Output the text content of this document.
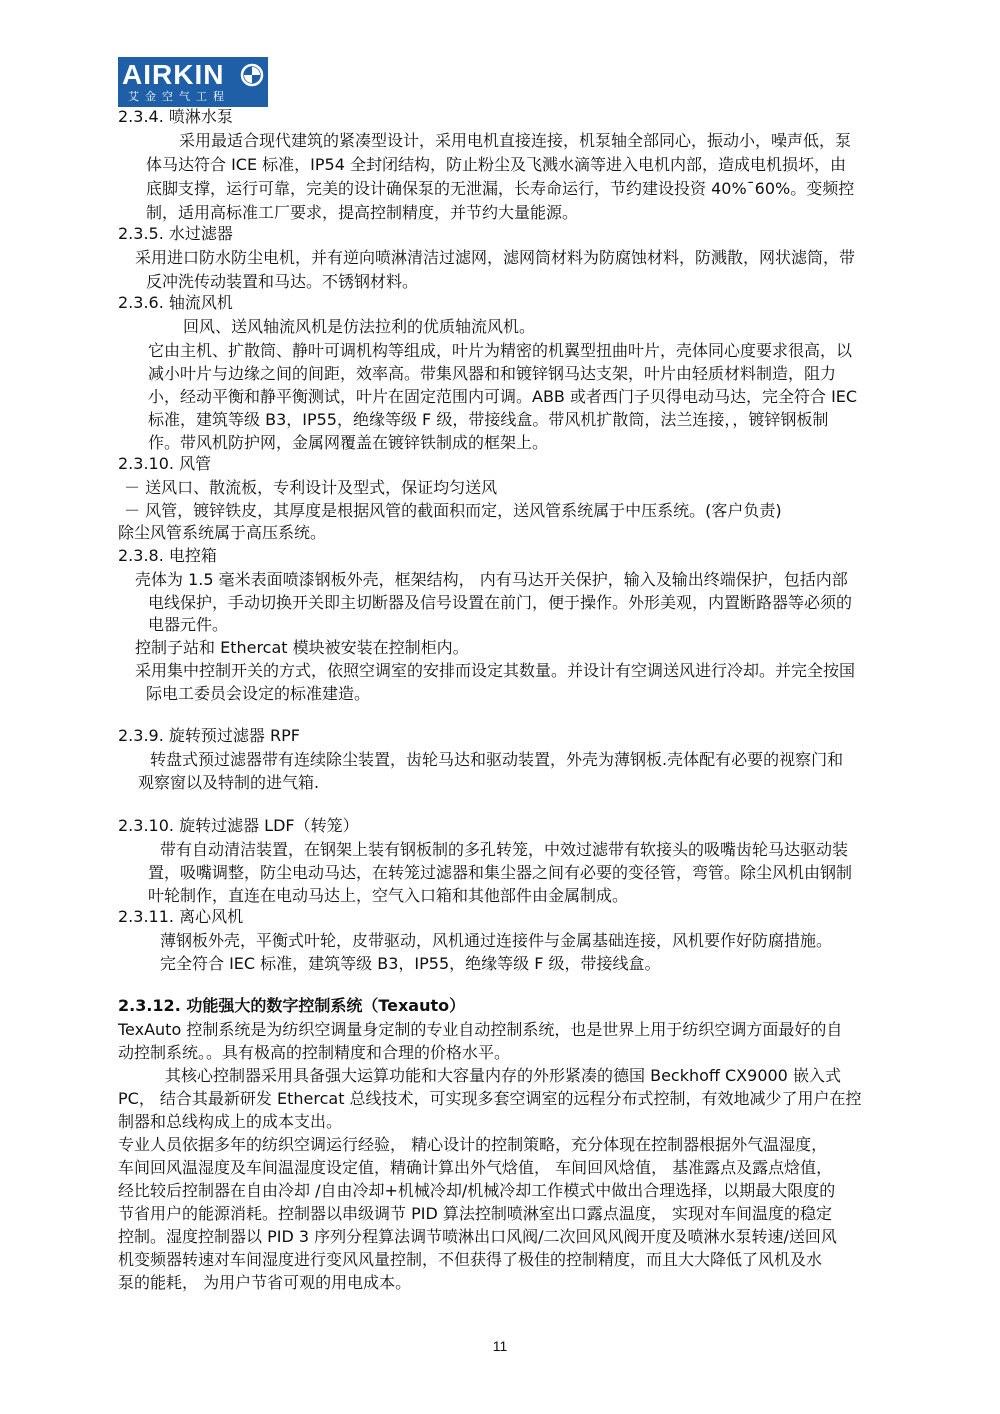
AIRKIN
艾金空气工程
2.3.4. 喷淋水泵
采用最适合现代建筑的紧凑型设计，采用电机直接连接，机泵轴全部同心，振动小，噪声低，泵
体马达符合 ICE 标准，IP54 全封闭结构，防止粉尘及飞溅水滴等进入电机内部，造成电机损坏，由
底脚支撑，运行可靠，完美的设计确保泵的无泄漏，长寿命运行，节约建设投资 40%¯60%。变频控
制，适用高标准工厂要求，提高控制精度，并节约大量能源。
2.3.5. 水过滤器
采用进口防水防尘电机，并有逆向喷淋清洁过滤网，滤网筒材料为防腐蚀材料，防溅散，网状滤筒，带
反冲洗传动装置和马达。不锈钢材料。
2.3.6. 轴流风机
回风、送风轴流风机是仿法拉利的优质轴流风机。
它由主机、扩散筒、静叶可调机构等组成，叶片为精密的机翼型扭曲叶片，壳体同心度要求很高，以
减小叶片与边缘之间的间距，效率高。带集风器和和镀锌钢马达支架，叶片由轻质材料制造，阻力
小，经动平衡和静平衡测试，叶片在固定范围内可调。ABB 或者西门子贝得电动马达，完全符合 IEC
标准，建筑等级 B3，IP55，绝缘等级 F 级，带接线盒。带风机扩散筒，法兰连接，，镀锌钢板制
作。带风机防护网，金属网覆盖在镀锌铁制成的框架上。
2.3.10. 风管
－ 送风口、散流板，专利设计及型式，保证均匀送风
－ 风管，镀锌铁皮，其厚度是根据风管的截面积而定，送风管系统属于中压系统。(客户负责)
除尘风管系统属于高压系统。
2.3.8. 电控箱
壳体为 1.5 毫米表面喷漆钢板外壳，框架结构， 内有马达开关保护，输入及输出终端保护，包括内部
电线保护，手动切换开关即主切断器及信号设置在前门，便于操作。外形美观，内置断路器等必须的
电器元件。
控制子站和 Ethercat 模块被安装在控制柜内。
采用集中控制开关的方式，依照空调室的安排而设定其数量。并设计有空调送风进行冷却。并完全按国
际电工委员会设定的标准建造。
2.3.9. 旋转预过滤器 RPF
转盘式预过滤器带有连续除尘装置，齿轮马达和驱动装置，外壳为薄钢板.壳体配有必要的视察门和
观察窗以及特制的进气箱.
2.3.10. 旋转过滤器 LDF（转笼）
带有自动清洁装置，在钢架上装有钢板制的多孔转笼，中效过滤带有软接头的吸嘴齿轮马达驱动装
置，吸嘴调整，防尘电动马达，在转笼过滤器和集尘器之间有必要的变径管，弯管。除尘风机由钢制
叶轮制作，直连在电动马达上，空气入口箱和其他部件由金属制成。
2.3.11. 离心风机
薄钢板外壳，平衡式叶轮，皮带驱动，风机通过连接件与金属基础连接，风机要作好防腐措施。
完全符合 IEC 标准，建筑等级 B3，IP55，绝缘等级 F 级，带接线盒。
2.3.12. 功能强大的数字控制系统（Texauto）
TexAuto 控制系统是为纺织空调量身定制的专业自动控制系统，也是世界上用于纺织空调方面最好的自
动控制系统。。具有极高的控制精度和合理的价格水平。
其核心控制器采用具备强大运算功能和大容量内存的外形紧凑的德国 Beckhoff CX9000 嵌入式
PC， 结合其最新研发 Ethercat 总线技术，可实现多套空调室的远程分布式控制，有效地减少了用户在控
制器和总线构成上的成本支出。
专业人员依据多年的纺织空调运行经验， 精心设计的控制策略，充分体现在控制器根据外气温湿度，
车间回风温湿度及车间温湿度设定值，精确计算出外气焓值， 车间回风焓值， 基准露点及露点焓值，
经比较后控制器在自由冷却 /自由冷却+机械冷却/机械冷却工作模式中做出合理选择，以期最大限度的
节省用户的能源消耗。控制器以串级调节 PID 算法控制喷淋室出口露点温度， 实现对车间温度的稳定
控制。湿度控制器以 PID 3 序列分程算法调节喷淋出口风阀/二次回风风阀开度及喷淋水泵转速/送回风
机变频器转速对车间湿度进行变风风量控制，不但获得了极佳的控制精度，而且大大降低了风机及水
泵的能耗， 为用户节省可观的用电成本。
11
